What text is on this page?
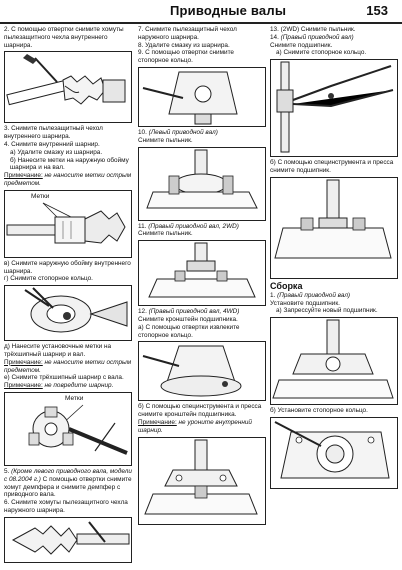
Приводные валы	153

2. С помощью отвертки снимите хомуты пылезащитного чехла внутреннего шарнира.

3. Снимите пылезащитный чехол внутреннего шарнира.

4. Снимите внутренний шарнир.

а) Удалите смазку из шарнира.

б) Нанесите метки на наружную обойму шарнира и на вал.

Примечание: не наносите метки острым предметом.

Метки

в) Снимите наружную обойму внутреннего шарнира.

г) Снимите стопорное кольцо.

д) Нанесите установочные метки на трёхшипный шарнир и вал.

Примечание: не наносите метки острым предметом.

е) Снимите трёхшипный шарнир с вала.

Примечание: не повредите шарнир.

Метки

5. (Кроме левого приводного вала, модели с 08.2004 г.) С помощью отвертки снимите хомут демпфера и снимите демпфер с приводного вала.

6. Снимите хомуты пылезащитного чехла наружного шарнира.

7. Снимите пылезащитный чехол наружного шарнира.

8. Удалите смазку из шарнира.

9. С помощью отвертки снимите стопорное кольцо.

10. (Левый приводной вал)

Снимите пыльник.

11. (Правый приводной вал, 2WD)

Снимите пыльник.

12. (Правый приводной вал, 4WD)

Снимите кронштейн подшипника.

а) С помощью отвертки извлеките стопорное кольцо.

б) С помощью специнструмента и пресса снимите кронштейн подшипника.

Примечание: не уроните внутренний шарнир.

13. (2WD) Снимите пыльник.

14. (Правый приводной вал)

Снимите подшипник.

а) Снимите стопорное кольцо.

б) С помощью специнструмента и пресса снимите подшипник.

Сборка

1. (Правый приводной вал)

Установите подшипник.

а) Запрессуйте новый подшипник.

б) Установите стопорное кольцо.
